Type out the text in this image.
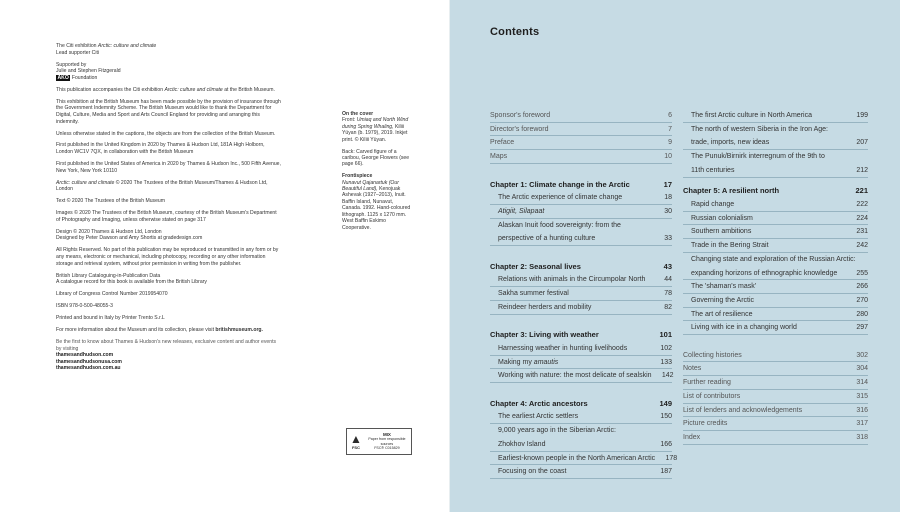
The Citi exhibition Arctic: culture and climate
Lead supporter Citi

Supported by
Julie and Stephen Fitzgerald
AKO Foundation

This publication accompanies the Citi exhibition Arctic: culture and climate at the British Museum.

This exhibition at the British Museum has been made possible by the provision of insurance through the Government Indemnity Scheme. The British Museum would like to thank the Department for Digital, Culture, Media and Sport and Arts Council England for providing and arranging this indemnity.

Unless otherwise stated in the captions, the objects are from the collection of the British Museum.

First published in the United Kingdom in 2020 by Thames & Hudson Ltd, 181A High Holborn, London WC1V 7QX, in collaboration with the British Museum

First published in the United States of America in 2020 by Thames & Hudson Inc., 500 Fifth Avenue, New York, New York 10110

Arctic: culture and climate © 2020 The Trustees of the British Museum/Thames & Hudson Ltd, London

Text © 2020 The Trustees of the British Museum

Images © 2020 The Trustees of the British Museum, courtesy of the British Museum's Department of Photography and Imaging, unless otherwise stated on page 317

Design © 2020 Thames & Hudson Ltd, London
Designed by Peter Dawson and Amy Shortis at gradedesign.com

All Rights Reserved. No part of this publication may be reproduced or transmitted in any form or by any means, electronic or mechanical, including photocopy, recording or any other information storage and retrieval system, without prior permission in writing from the publisher.

British Library Cataloguing-in-Publication Data
A catalogue record for this book is available from the British Library

Library of Congress Control Number 2019954070

ISBN 978-0-500-48055-3

Printed and bound in Italy by Printer Trento S.r.L

For more information about the Museum and its collection, please visit britishmuseum.org.

Be the first to know about Thames & Hudson's new releases, exclusive content and author events by visiting
thamesandhudson.com
thamesandhudsonusa.com
thamesandhudson.com.au

On the cover
Front: Umiaq and North Wind during Spring Whaling, Kiliii Yüyan (b. 1979), 2019. Inkjet print. © Kiliii Yüyan.

Back: Carved figure of a caribou, George Flowers (see page 66).

Frontispiece
Nunavut Qajanartuk (Our Beautiful Land), Kenojuak Ashevak (1927–2013), Inuit. Baffin Island, Nunavut, Canada. 1992. Hand-coloured lithograph. 1125 x 1270 mm. West Baffin Eskimo Cooperative.

▲
FSC
MIX
Paper from responsible sources
FSC® C015829
Contents
Sponsor's foreword	6
Director's foreword	7
Preface	9
Maps	10
Chapter 1: Climate change in the Arctic	17
The Arctic experience of climate change	18
Atigiit, Silapaat	30
Alaskan Inuit food sovereignty: from the
perspective of a hunting culture	33
Chapter 2: Seasonal lives	43
Relations with animals in the Circumpolar North	44
Sakha summer festival	78
Reindeer herders and mobility	82
Chapter 3: Living with weather	101
Harnessing weather in hunting livelihoods	102
Making my amautis	133
Working with nature: the most delicate of sealskin	142
Chapter 4: Arctic ancestors	149
The earliest Arctic settlers	150
9,000 years ago in the Siberian Arctic:
Zhokhov Island	166
Earliest-known people in the North American Arctic	178
Focusing on the coast	187
The first Arctic culture in North America	199
The north of western Siberia in the Iron Age:
trade, imports, new ideas	207
The Punuk/Birnirk interregnum of the 9th to
11th centuries	212
Chapter 5: A resilient north	221
Rapid change	222
Russian colonialism	224
Southern ambitions	231
Trade in the Bering Strait	242
Changing state and exploration of the Russian Arctic:
expanding horizons of ethnographic knowledge	255
The 'shaman's mask'	266
Governing the Arctic	270
The art of resilience	280
Living with ice in a changing world	297
Collecting histories	302
Notes	304
Further reading	314
List of contributors	315
List of lenders and acknowledgements	316
Picture credits	317
Index	318
